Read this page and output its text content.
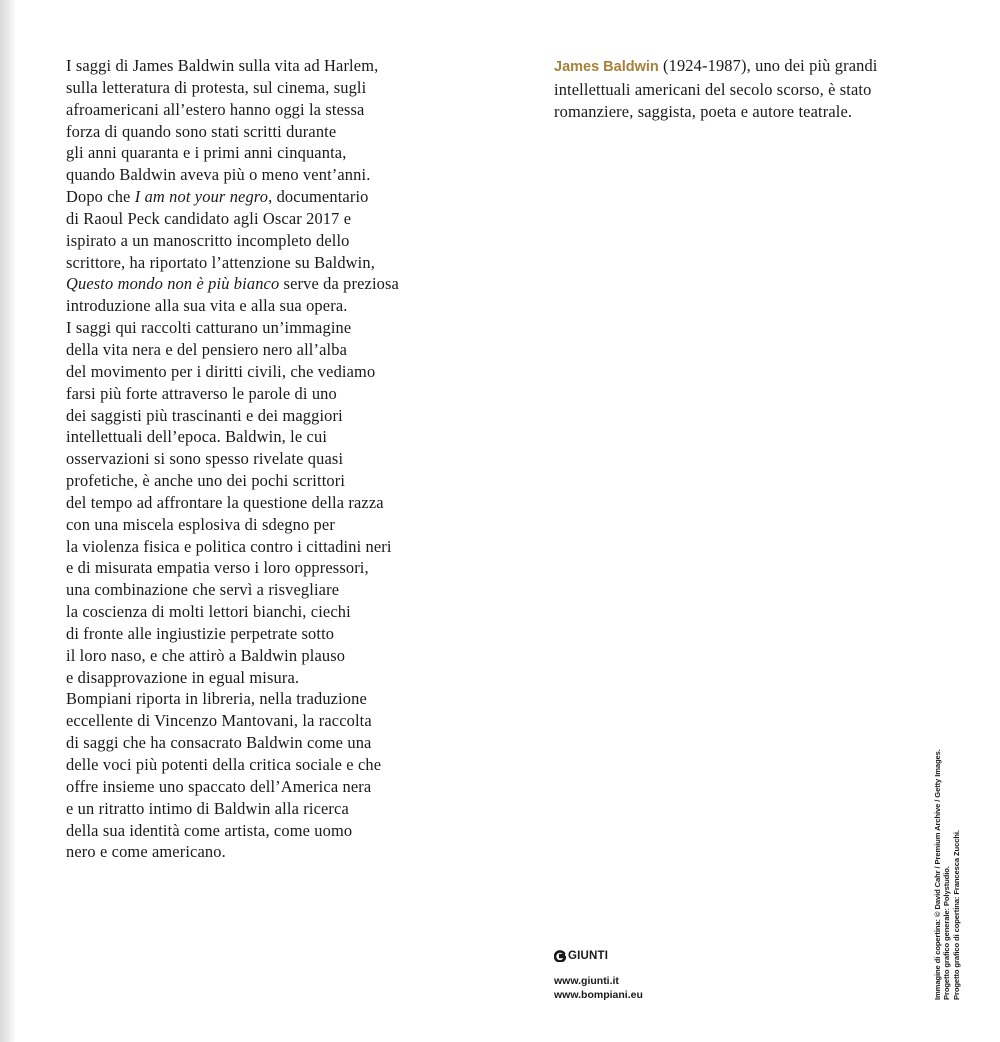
I saggi di James Baldwin sulla vita ad Harlem,
sulla letteratura di protesta, sul cinema, sugli
afroamericani all’estero hanno oggi la stessa
forza di quando sono stati scritti durante
gli anni quaranta e i primi anni cinquanta,
quando Baldwin aveva più o meno vent’anni.
Dopo che I am not your negro, documentario
di Raoul Peck candidato agli Oscar 2017 e
ispirato a un manoscritto incompleto dello
scrittore, ha riportato l’attenzione su Baldwin,
Questo mondo non è più bianco serve da preziosa
introduzione alla sua vita e alla sua opera.
I saggi qui raccolti catturano un’immagine
della vita nera e del pensiero nero all’alba
del movimento per i diritti civili, che vediamo
farsi più forte attraverso le parole di uno
dei saggisti più trascinanti e dei maggiori
intellettuali dell’epoca. Baldwin, le cui
osservazioni si sono spesso rivelate quasi
profetiche, è anche uno dei pochi scrittori
del tempo ad affrontare la questione della razza
con una miscela esplosiva di sdegno per
la violenza fisica e politica contro i cittadini neri
e di misurata empatia verso i loro oppressori,
una combinazione che servì a risvegliare
la coscienza di molti lettori bianchi, ciechi
di fronte alle ingiustizie perpetrate sotto
il loro naso, e che attirò a Baldwin plauso
e disapprovazione in egual misura.
Bompiani riporta in libreria, nella traduzione
eccellente di Vincenzo Mantovani, la raccolta
di saggi che ha consacrato Baldwin come una
delle voci più potenti della critica sociale e che
offre insieme uno spaccato dell’America nera
e un ritratto intimo di Baldwin alla ricerca
della sua identità come artista, come uomo
nero e come americano.
James Baldwin (1924-1987), uno dei più grandi
intellettuali americani del secolo scorso, è stato
romanziere, saggista, poeta e autore teatrale.
GIUNTI
www.giunti.it
www.bompiani.eu	Immagine di copertina: © David Cahr / Premium Archive / Getty Images. Progetto grafico generale: Polystudio. Progetto grafico di copertina: Francesca Zucchi.
